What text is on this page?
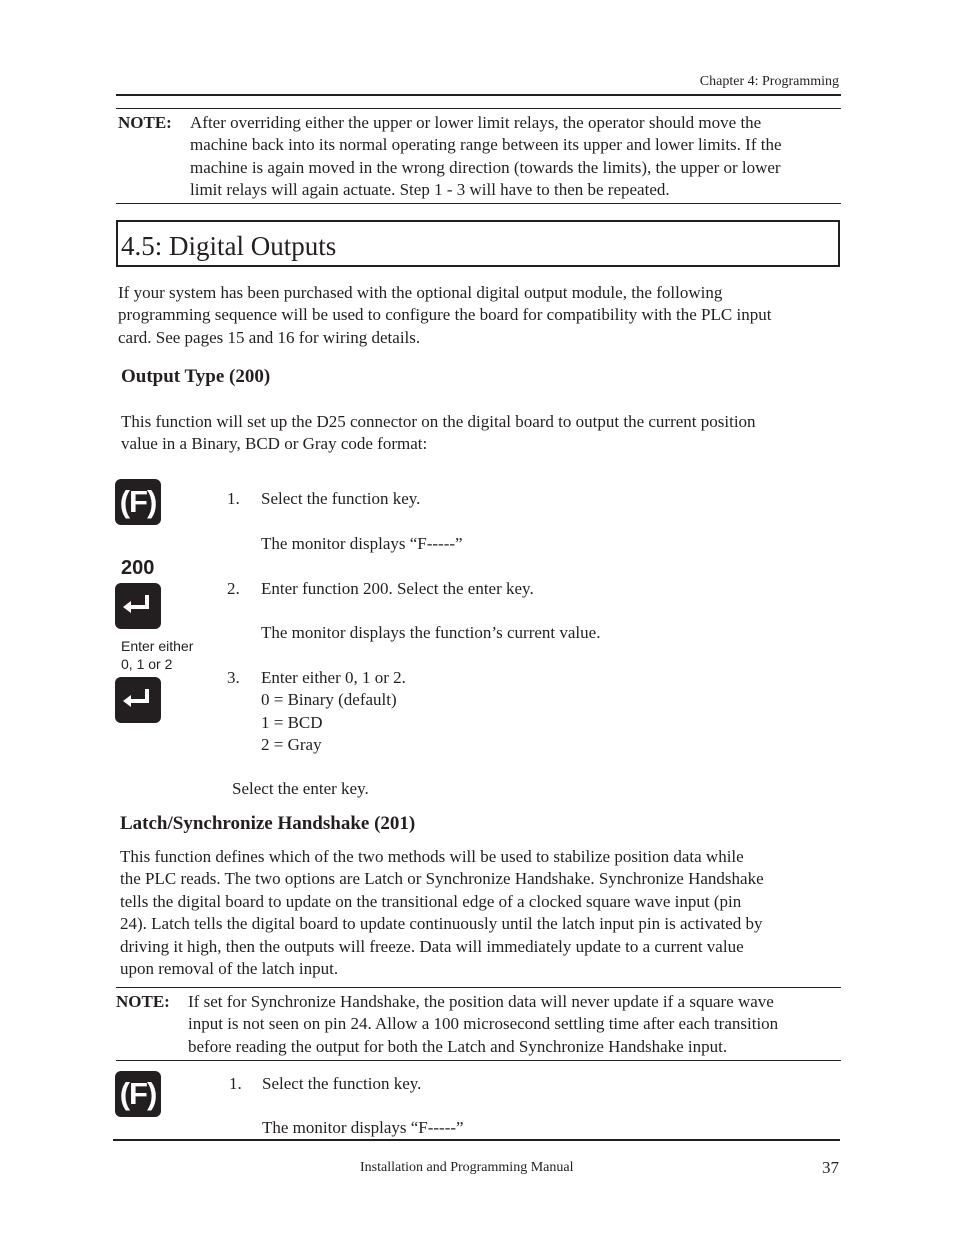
Chapter 4: Programming
NOTE: After overriding either the upper or lower limit relays, the operator should move the

machine back into its normal operating range between its upper and lower limits. If the

machine is again moved in the wrong direction (towards the limits), the upper or lower

limit relays will again actuate. Step 1 - 3 will have to then be repeated.

4.5: Digital Outputs

If your system has been purchased with the optional digital output module, the following

programming sequence will be used to configure the board for compatibility with the PLC input

card. See pages 15 and 16 for wiring details.

Output Type (200)

This function will set up the D25 connector on the digital board to output the current position

value in a Binary, BCD or Gray code format:

(F)
200
Enter either
0, 1 or 2
1. Select the function key.
The monitor displays “F-----”
2. Enter function 200. Select the enter key.
The monitor displays the function’s current value.
3. Enter either 0, 1 or 2.

0 = Binary (default)

1 = BCD

2 = Gray

Select the enter key.
Latch/Synchronize Handshake (201)

This function defines which of the two methods will be used to stabilize position data while

the PLC reads. The two options are Latch or Synchronize Handshake. Synchronize Handshake

tells the digital board to update on the transitional edge of a clocked square wave input (pin

24). Latch tells the digital board to update continuously until the latch input pin is activated by

driving it high, then the outputs will freeze. Data will immediately update to a current value

upon removal of the latch input.

NOTE: If set for Synchronize Handshake, the position data will never update if a square wave

input is not seen on pin 24. Allow a 100 microsecond settling time after each transition

before reading the output for both the Latch and Synchronize Handshake input.

(F)	1. Select the function key.
The monitor displays “F-----”
Installation and Programming Manual	37
